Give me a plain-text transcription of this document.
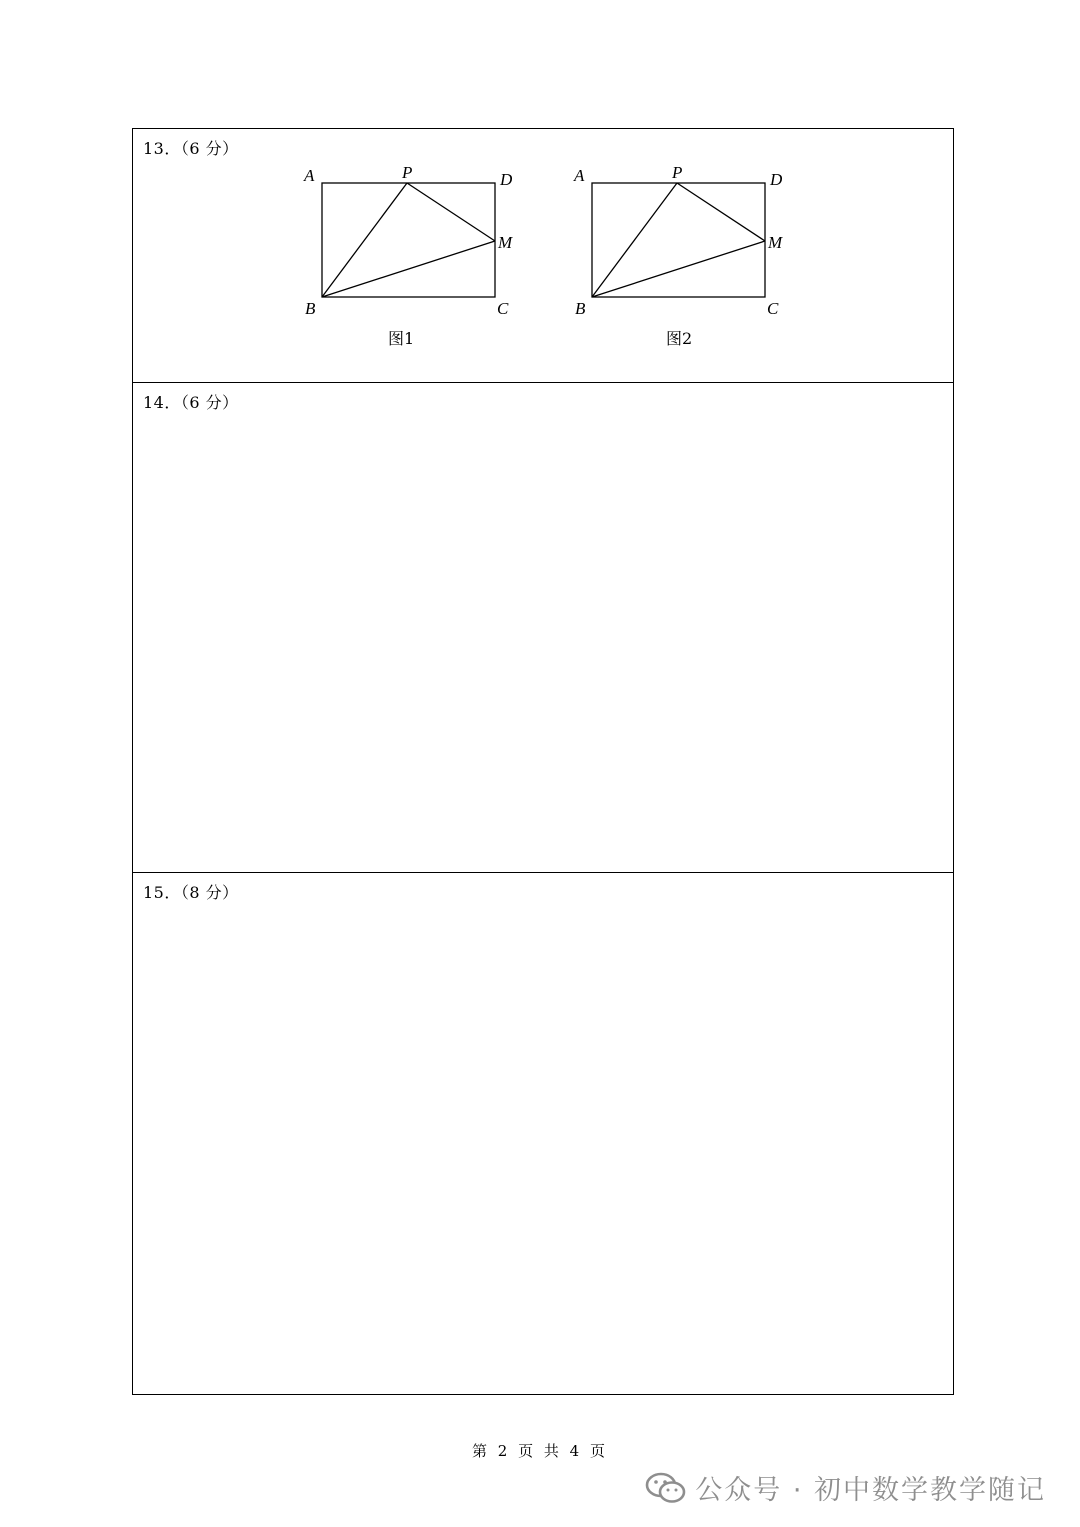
13．（6 分）
A	P	D
M
B	C
图1
A	P	D
M
B	C
图2
14．（6 分）
15．（8 分）
第 2 页 共 4 页
公众号 · 初中数学教学随记
